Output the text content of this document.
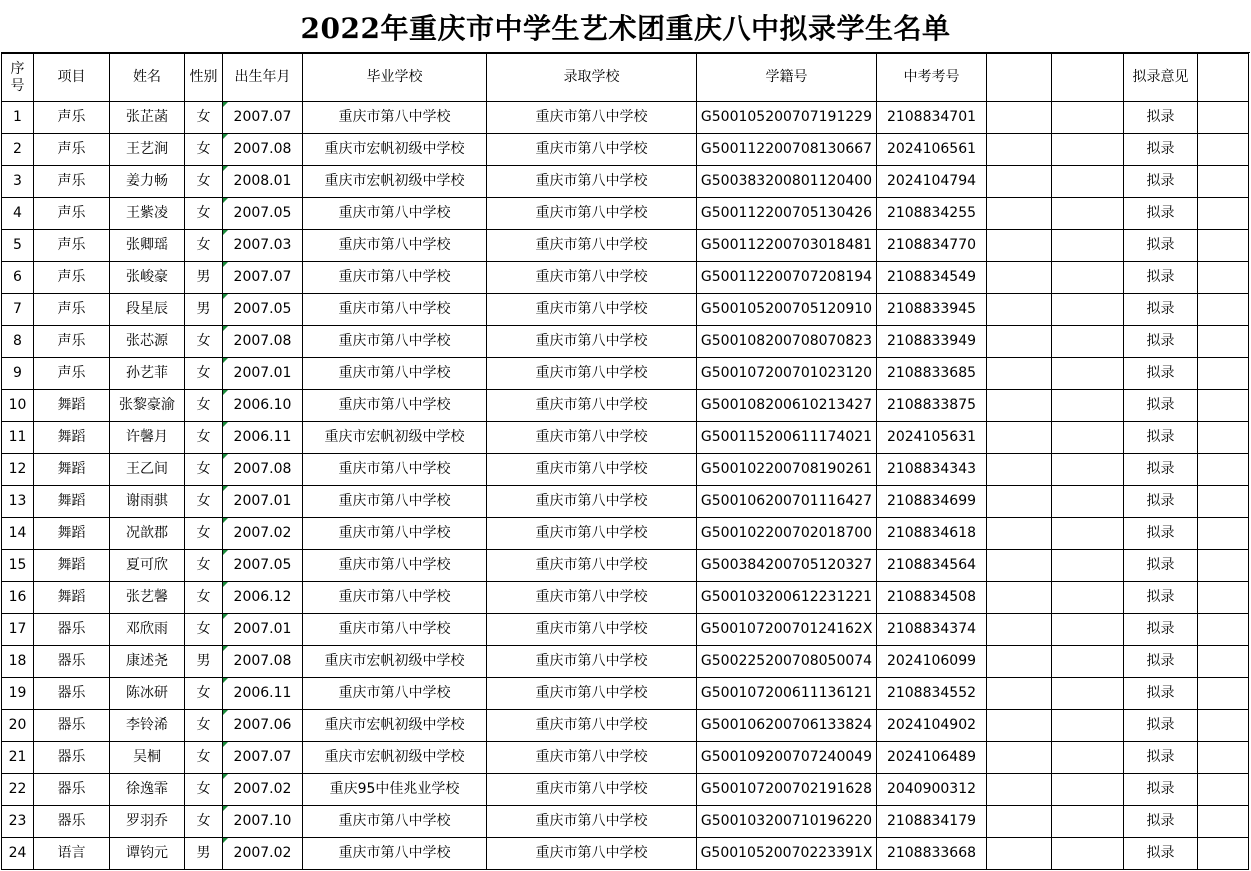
2022年重庆市中学生艺术团重庆八中拟录学生名单
序
号	项目	姓名	性别	出生年月	毕业学校	录取学校	学籍号	中考考号			拟录意见	
1	声乐	张芷菡	女	2007.07	重庆市第八中学校	重庆市第八中学校	G500105200707191229	2108834701			拟录	
2	声乐	王艺涧	女	2007.08	重庆市宏帆初级中学校	重庆市第八中学校	G500112200708130667	2024106561			拟录	
3	声乐	姜力畅	女	2008.01	重庆市宏帆初级中学校	重庆市第八中学校	G500383200801120400	2024104794			拟录	
4	声乐	王紫凌	女	2007.05	重庆市第八中学校	重庆市第八中学校	G500112200705130426	2108834255			拟录	
5	声乐	张卿瑶	女	2007.03	重庆市第八中学校	重庆市第八中学校	G500112200703018481	2108834770			拟录	
6	声乐	张峻豪	男	2007.07	重庆市第八中学校	重庆市第八中学校	G500112200707208194	2108834549			拟录	
7	声乐	段星辰	男	2007.05	重庆市第八中学校	重庆市第八中学校	G500105200705120910	2108833945			拟录	
8	声乐	张芯源	女	2007.08	重庆市第八中学校	重庆市第八中学校	G500108200708070823	2108833949			拟录	
9	声乐	孙艺菲	女	2007.01	重庆市第八中学校	重庆市第八中学校	G500107200701023120	2108833685			拟录	
10	舞蹈	张黎豪渝	女	2006.10	重庆市第八中学校	重庆市第八中学校	G500108200610213427	2108833875			拟录	
11	舞蹈	许馨月	女	2006.11	重庆市宏帆初级中学校	重庆市第八中学校	G500115200611174021	2024105631			拟录	
12	舞蹈	王乙间	女	2007.08	重庆市第八中学校	重庆市第八中学校	G500102200708190261	2108834343			拟录	
13	舞蹈	谢雨骐	女	2007.01	重庆市第八中学校	重庆市第八中学校	G500106200701116427	2108834699			拟录	
14	舞蹈	况歆郡	女	2007.02	重庆市第八中学校	重庆市第八中学校	G500102200702018700	2108834618			拟录	
15	舞蹈	夏可欣	女	2007.05	重庆市第八中学校	重庆市第八中学校	G500384200705120327	2108834564			拟录	
16	舞蹈	张艺馨	女	2006.12	重庆市第八中学校	重庆市第八中学校	G500103200612231221	2108834508			拟录	
17	器乐	邓欣雨	女	2007.01	重庆市第八中学校	重庆市第八中学校	G50010720070124162X	2108834374			拟录	
18	器乐	康述尧	男	2007.08	重庆市宏帆初级中学校	重庆市第八中学校	G500225200708050074	2024106099			拟录	
19	器乐	陈冰研	女	2006.11	重庆市第八中学校	重庆市第八中学校	G500107200611136121	2108834552			拟录	
20	器乐	李铃浠	女	2007.06	重庆市宏帆初级中学校	重庆市第八中学校	G500106200706133824	2024104902			拟录	
21	器乐	吴桐	女	2007.07	重庆市宏帆初级中学校	重庆市第八中学校	G500109200707240049	2024106489			拟录	
22	器乐	徐逸霏	女	2007.02	重庆95中佳兆业学校	重庆市第八中学校	G500107200702191628	2040900312			拟录	
23	器乐	罗羽乔	女	2007.10	重庆市第八中学校	重庆市第八中学校	G500103200710196220	2108834179			拟录	
24	语言	谭钧元	男	2007.02	重庆市第八中学校	重庆市第八中学校	G50010520070223391X	2108833668			拟录	
